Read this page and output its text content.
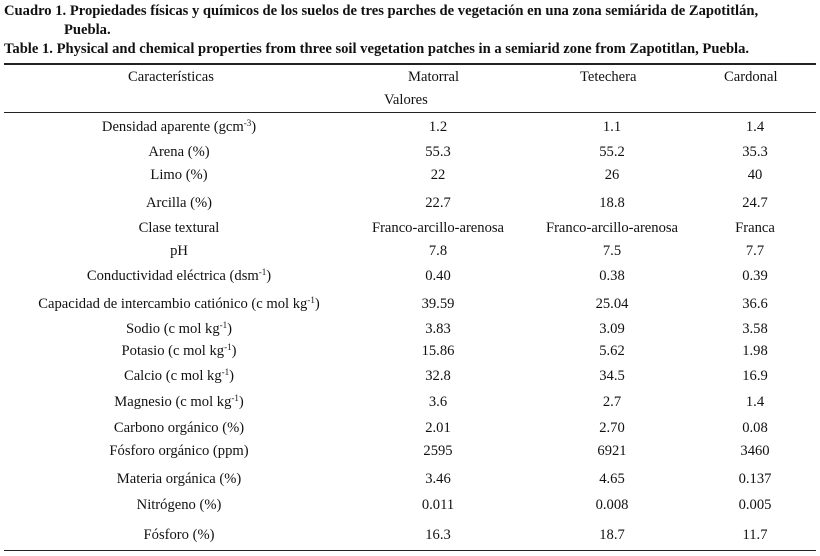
Cuadro 1. Propiedades físicas y químicos de los suelos de tres parches de vegetación en una zona semiárida de Zapotitlán,
Puebla.
Table 1. Physical and chemical properties from three soil vegetation patches in a semiarid zone from Zapotitlan, Puebla.
Características	Matorral	Tetechera	Cardonal
Valores
Densidad aparente (gcm$^{-3}$)	1.2	1.1	1.4
Arena (%)	55.3	55.2	35.3
Limo (%)	22	26	40
Arcilla (%)	22.7	18.8	24.7
Clase textural	Franco-arcillo-arenosa	Franco-arcillo-arenosa	Franca
pH	7.8	7.5	7.7
Conductividad eléctrica (dsm$^{-1}$)	0.40	0.38	0.39
Capacidad de intercambio catiónico (c mol $kg^{-1}$)	39.59	25.04	36.6
Sodio (c mol $kg^{-1}$)	3.83	3.09	3.58
Potasio (c mol $kg^{-1}$)	15.86	5.62	1.98
Calcio (c mol $kg^{-1}$)	32.8	34.5	16.9
Magnesio (c mol $kg^{-1}$)	3.6	2.7	1.4
Carbono orgánico (%)	2.01	2.70	0.08
Fósforo orgánico (ppm)	2595	6921	3460
Materia orgánica (%)	3.46	4.65	0.137
Nitrógeno (%)	0.011	0.008	0.005
Fósforo (%)	16.3	18.7	11.7
